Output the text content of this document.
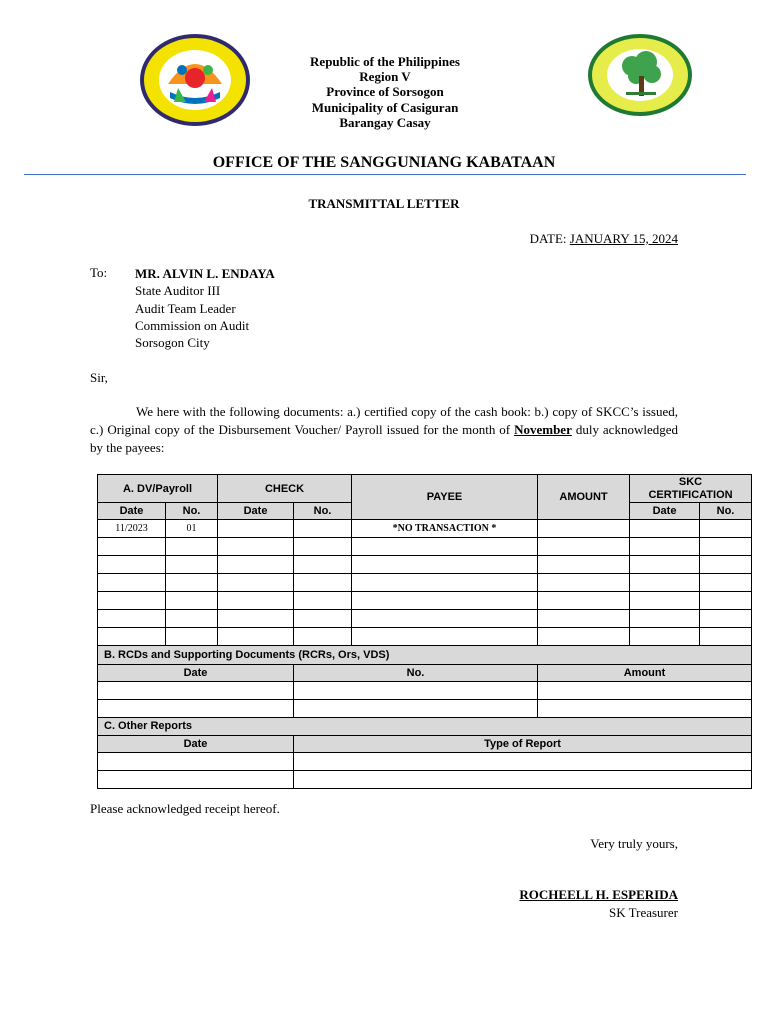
Republic of the Philippines
Region V
Province of Sorsogon
Municipality of Casiguran
Barangay Casay
OFFICE OF THE SANGGUNIANG KABATAAN
TRANSMITTAL LETTER
DATE: JANUARY 15, 2024
To: MR. ALVIN L. ENDAYA
State Auditor III
Audit Team Leader
Commission on Audit
Sorsogon City
Sir,
We here with the following documents: a.) certified copy of the cash book: b.) copy of SKCC’s issued, c.) Original copy of the Disbursement Voucher/ Payroll issued for the month of November duly acknowledged by the payees:
A. DV/Payroll		CHECK		PAYEE	AMOUNT	SKC
CERTIFICATION	

Date	No.	Date	No.			Date	No.
11/2023	01			*NO TRANSACTION *			

B. RCDs and Supporting Documents (RCRs, Ors, VDS)							
Date			No.		Amount		

C. Other Reports							
Date			Type of Report				

Please acknowledged receipt hereof.
Very truly yours,
ROCHEELL H. ESPERIDA
SK Treasurer
